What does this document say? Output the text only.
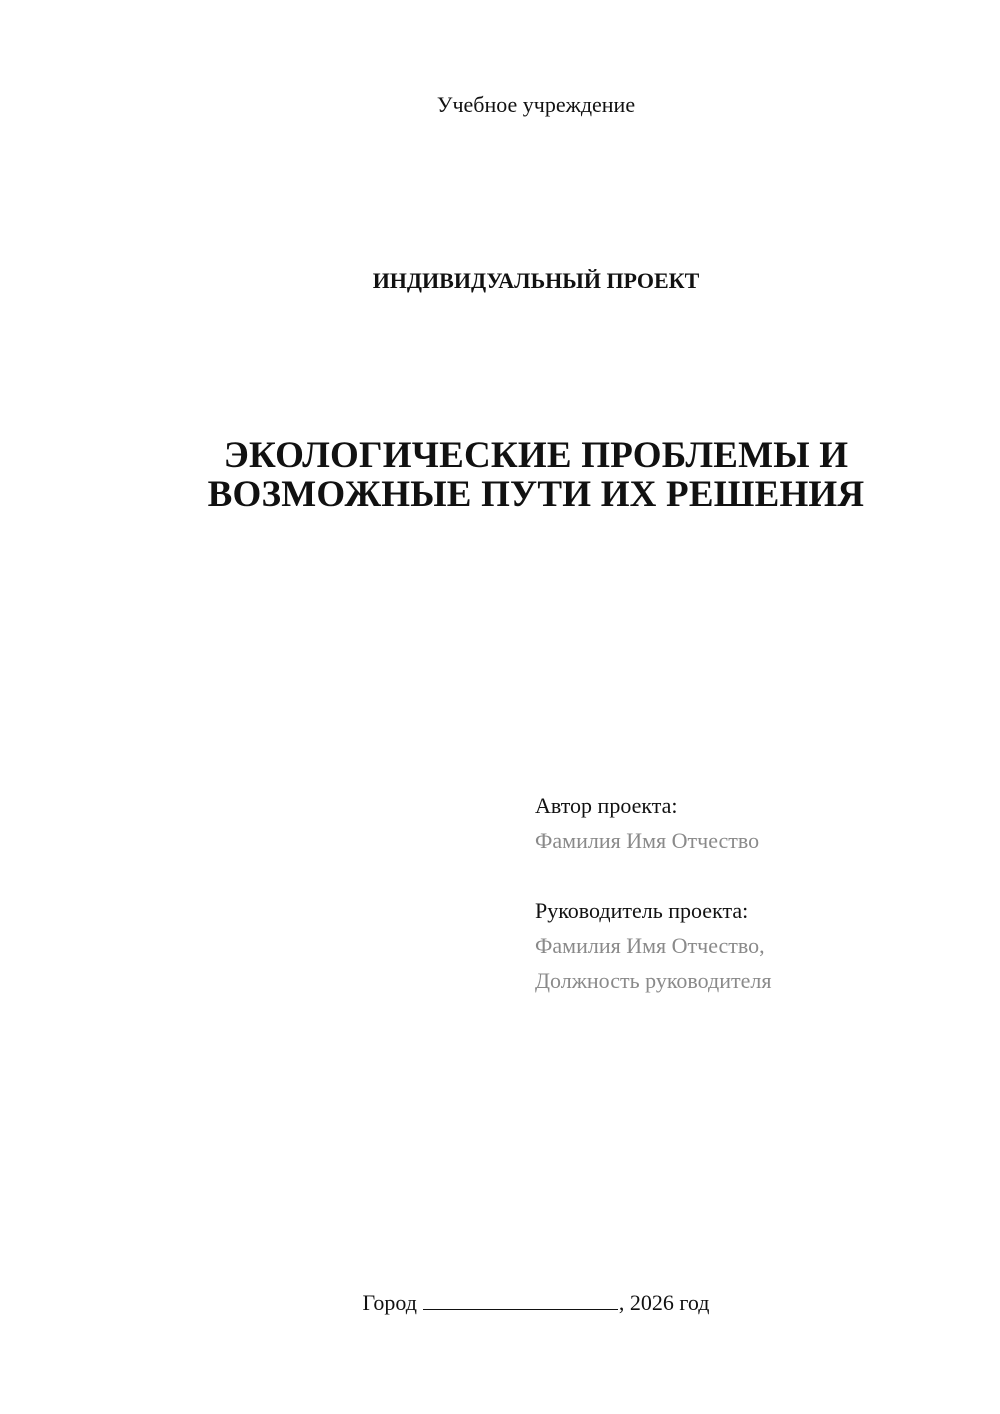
Учебное учреждение
ИНДИВИДУАЛЬНЫЙ ПРОЕКТ
ЭКОЛОГИЧЕСКИЕ ПРОБЛЕМЫ И
ВОЗМОЖНЫЕ ПУТИ ИХ РЕШЕНИЯ
Автор проекта:
Фамилия Имя Отчество
Руководитель проекта:
Фамилия Имя Отчество,
Должность руководителя
Город	, 2026 год
